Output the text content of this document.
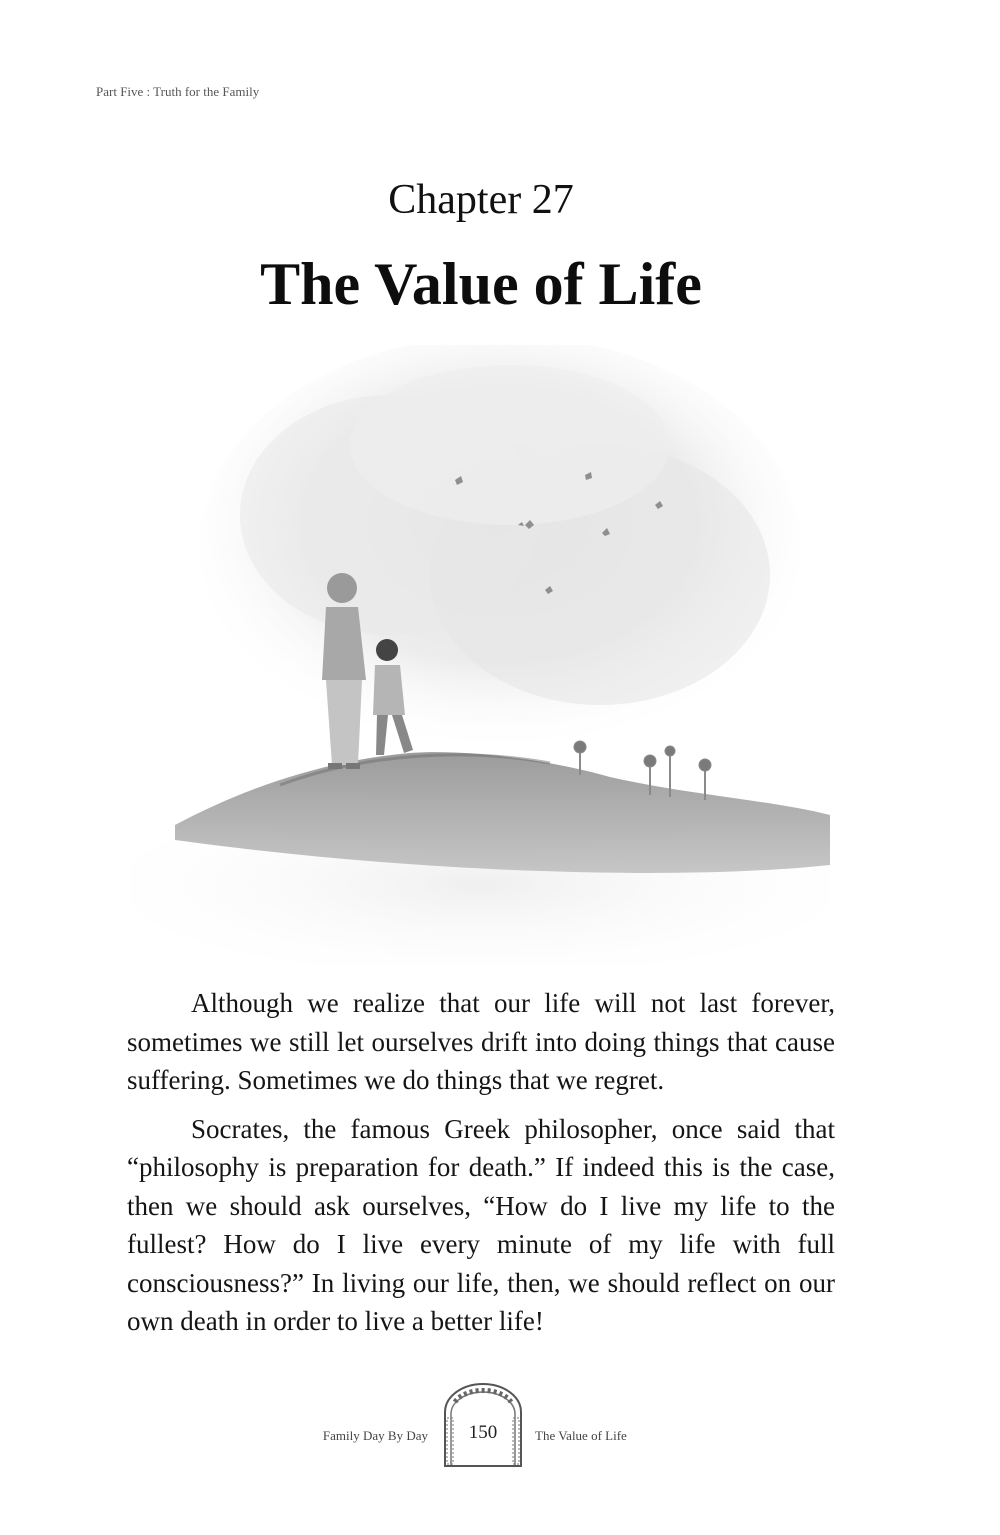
Part Five : Truth for the Family
Chapter 27
The Value of Life
Parent and child standing on a hill gazing at a tree

Although we realize that our life will not last forever, sometimes we still let ourselves drift into doing things that cause suffering. Sometimes we do things that we regret.

Socrates, the famous Greek philosopher, once said that “philosophy is preparation for death.” If indeed this is the case, then we should ask ourselves, “How do I live my life to the fullest? How do I live every minute of my life with full consciousness?” In living our life, then, we should reflect on our own death in order to live a better life!

Family Day By Day	150	The Value of Life
